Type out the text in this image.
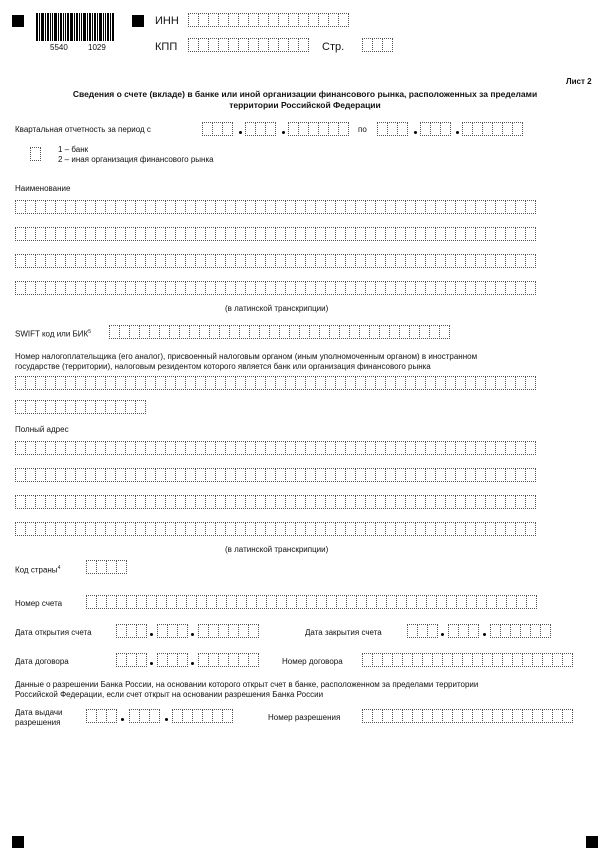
5540	1029
ИНН
КПП	Стр.
Лист 2
Сведения о счете (вкладе) в банке или иной организации финансового рынка, расположенных за пределами
территории Российской Федерации
Квартальная отчетность за период с	по
1 – банк
2 – иная организация финансового рынка
Наименование
(в латинской транскрипции)
SWIFT код или БИК$^5$
Номер налогоплательщика (его аналог), присвоенный налоговым органом (иным уполномоченным органом) в иностранном
государстве (территории), налоговым резидентом которого является банк или организация финансового рынка
Полный адрес
(в латинской транскрипции)
Код страны$^4$
Номер счета
Дата открытия счета	Дата закрытия счета
Дата договора	Номер договора
Данные о разрешении Банка России, на основании которого открыт счет в банке, расположенном за пределами территории
Российской Федерации, если счет открыт на основании разрешения Банка России
Дата выдачи
разрешения
Номер разрешения
